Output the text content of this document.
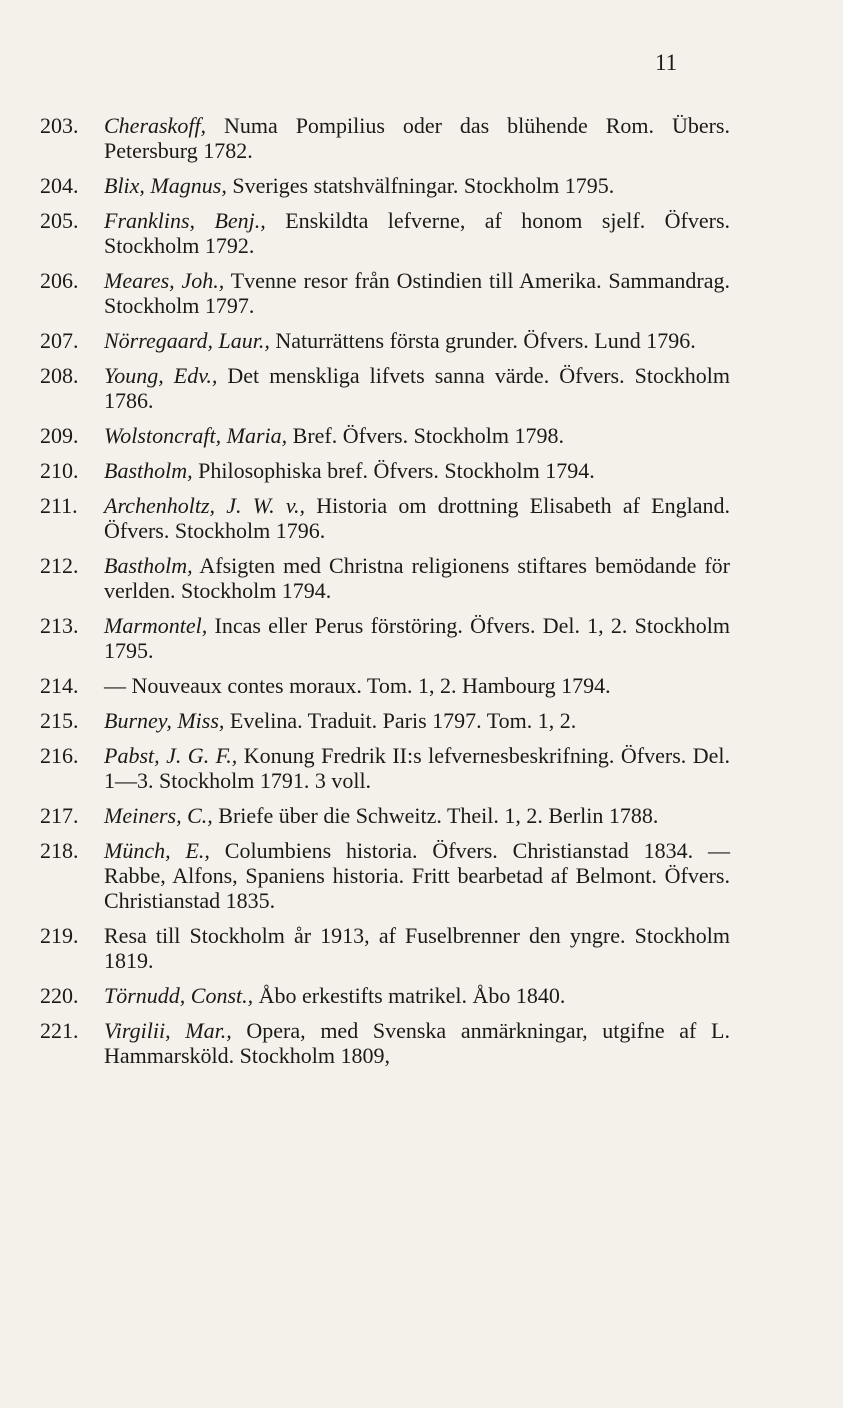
11
203.	Cheraskoff, Numa Pompilius oder das blühende Rom. Übers. Petersburg 1782.
204.	Blix, Magnus, Sveriges statshvälfningar. Stockholm 1795.
205.	Franklins, Benj., Enskildta lefverne, af honom sjelf. Öfvers. Stockholm 1792.
206.	Meares, Joh., Tvenne resor från Ostindien till Amerika. Sammandrag. Stockholm 1797.
207.	Nörregaard, Laur., Naturrättens första grunder. Öfvers. Lund 1796.
208.	Young, Edv., Det menskliga lifvets sanna värde. Öfvers. Stockholm 1786.
209.	Wolstoncraft, Maria, Bref. Öfvers. Stockholm 1798.
210.	Bastholm, Philosophiska bref. Öfvers. Stockholm 1794.
211.	Archenholtz, J. W. v., Historia om drottning Elisabeth af England. Öfvers. Stockholm 1796.
212.	Bastholm, Afsigten med Christna religionens stiftares bemödande för verlden. Stockholm 1794.
213.	Marmontel, Incas eller Perus förstöring. Öfvers. Del. 1, 2. Stockholm 1795.
214.	— Nouveaux contes moraux. Tom. 1, 2. Hambourg 1794.
215.	Burney, Miss, Evelina. Traduit. Paris 1797. Tom. 1, 2.
216.	Pabst, J. G. F., Konung Fredrik II:s lefvernesbeskrifning. Öfvers. Del. 1—3. Stockholm 1791. 3 voll.
217.	Meiners, C., Briefe über die Schweitz. Theil. 1, 2. Berlin 1788.
218.	Münch, E., Columbiens historia. Öfvers. Christianstad 1834. — Rabbe, Alfons, Spaniens historia. Fritt bearbetad af Belmont. Öfvers. Christianstad 1835.
219.	Resa till Stockholm år 1913, af Fuselbrenner den yngre. Stockholm 1819.
220.	Törnudd, Const., Åbo erkestifts matrikel. Åbo 1840.
221.	Virgilii, Mar., Opera, med Svenska anmärkningar, utgifne af L. Hammarsköld. Stockholm 1809,
